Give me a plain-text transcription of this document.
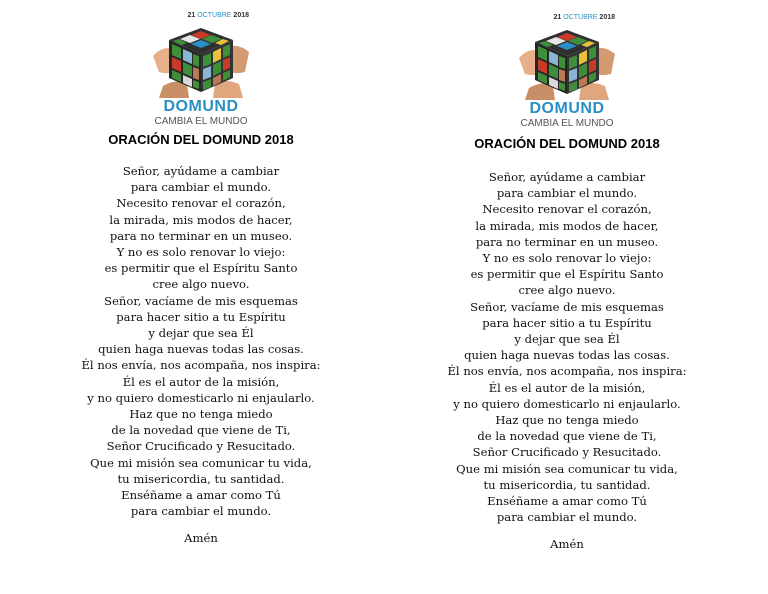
21 OCTUBRE 2018
DOMUND
CAMBIA EL MUNDO
ORACIÓN DEL DOMUND 2018
Señor, ayúdame a cambiar
para cambiar el mundo.
Necesito renovar el corazón,
la mirada, mis modos de hacer,
para no terminar en un museo.
Y no es solo renovar lo viejo:
es permitir que el Espíritu Santo
cree algo nuevo.
Señor, vacíame de mis esquemas
para hacer sitio a tu Espíritu
y dejar que sea Él
quien haga nuevas todas las cosas.
Él nos envía, nos acompaña, nos inspira:
Él es el autor de la misión,
y no quiero domesticarlo ni enjaularlo.
Haz que no tenga miedo
de la novedad que viene de Ti,
Señor Crucificado y Resucitado.
Que mi misión sea comunicar tu vida,
tu misericordia, tu santidad.
Enséñame a amar como Tú
para cambiar el mundo.
Amén
21 OCTUBRE 2018
DOMUND
CAMBIA EL MUNDO
ORACIÓN DEL DOMUND 2018
Señor, ayúdame a cambiar
para cambiar el mundo.
Necesito renovar el corazón,
la mirada, mis modos de hacer,
para no terminar en un museo.
Y no es solo renovar lo viejo:
es permitir que el Espíritu Santo
cree algo nuevo.
Señor, vacíame de mis esquemas
para hacer sitio a tu Espíritu
y dejar que sea Él
quien haga nuevas todas las cosas.
Él nos envía, nos acompaña, nos inspira:
Él es el autor de la misión,
y no quiero domesticarlo ni enjaularlo.
Haz que no tenga miedo
de la novedad que viene de Ti,
Señor Crucificado y Resucitado.
Que mi misión sea comunicar tu vida,
tu misericordia, tu santidad.
Enséñame a amar como Tú
para cambiar el mundo.
Amén
